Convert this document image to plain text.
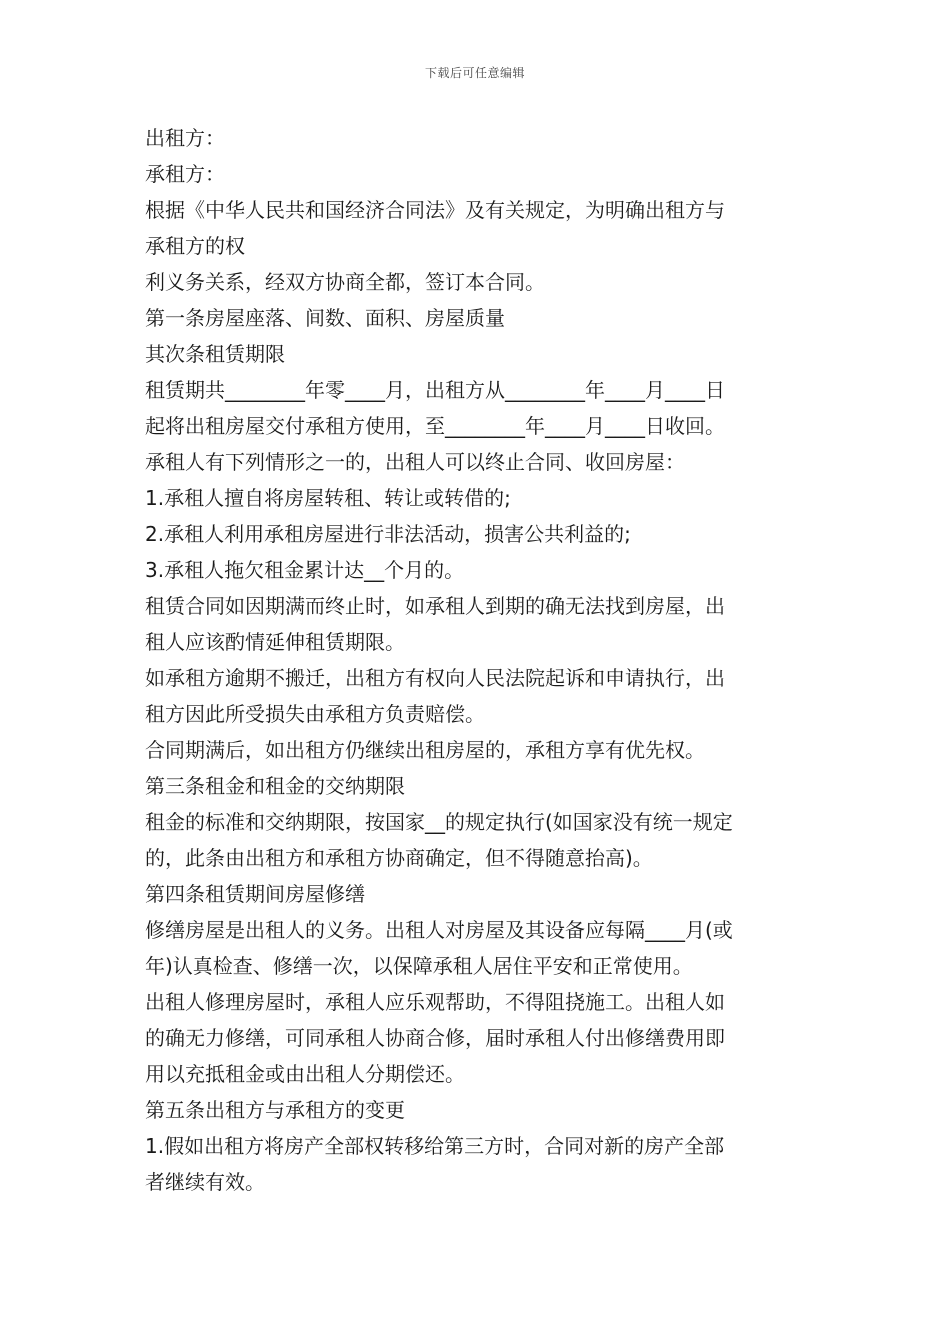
下载后可任意编辑
出租方：
承租方：
根据《中华人民共和国经济合同法》及有关规定，为明确出租方与
承租方的权
利义务关系，经双方协商全都，签订本合同。
第一条房屋座落、间数、面积、房屋质量
其次条租赁期限
租赁期共________年零____月，出租方从________年____月____日
起将出租房屋交付承租方使用，至________年____月____日收回。
承租人有下列情形之一的，出租人可以终止合同、收回房屋：
1.承租人擅自将房屋转租、转让或转借的;
2.承租人利用承租房屋进行非法活动，损害公共利益的;
3.承租人拖欠租金累计达__个月的。
租赁合同如因期满而终止时，如承租人到期的确无法找到房屋，出
租人应该酌情延伸租赁期限。
如承租方逾期不搬迁，出租方有权向人民法院起诉和申请执行，出
租方因此所受损失由承租方负责赔偿。
合同期满后，如出租方仍继续出租房屋的，承租方享有优先权。
第三条租金和租金的交纳期限
租金的标准和交纳期限，按国家__的规定执行(如国家没有统一规定
的，此条由出租方和承租方协商确定，但不得随意抬高)。
第四条租赁期间房屋修缮
修缮房屋是出租人的义务。出租人对房屋及其设备应每隔____月(或
年)认真检查、修缮一次，以保障承租人居住平安和正常使用。
出租人修理房屋时，承租人应乐观帮助，不得阻挠施工。出租人如
的确无力修缮，可同承租人协商合修，届时承租人付出修缮费用即
用以充抵租金或由出租人分期偿还。
第五条出租方与承租方的变更
1.假如出租方将房产全部权转移给第三方时，合同对新的房产全部
者继续有效。
